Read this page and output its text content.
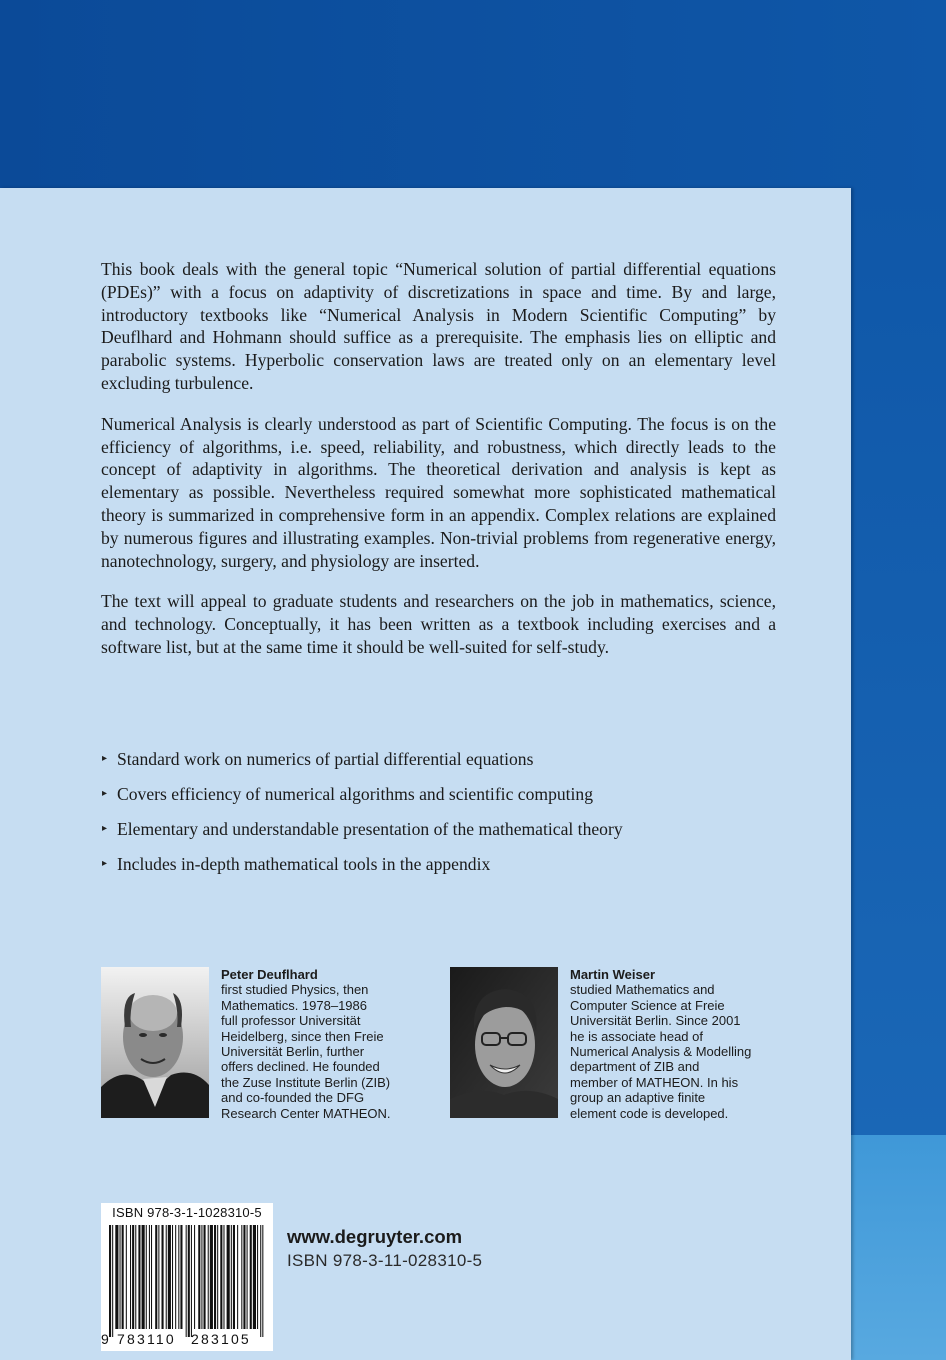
This book deals with the general topic “Numerical solution of partial differential equations (PDEs)” with a focus on adaptivity of discretizations in space and time. By and large, introductory textbooks like “Numerical Analysis in Modern Scientific Computing” by Deuflhard and Hohmann should suffice as a prerequisite. The emphasis lies on elliptic and parabolic systems. Hyperbolic conservation laws are treated only on an elementary level excluding turbulence.

Numerical Analysis is clearly understood as part of Scientific Computing. The focus is on the efficiency of algorithms, i.e. speed, reliability, and robustness, which directly leads to the concept of adaptivity in algorithms. The theoretical derivation and analysis is kept as elementary as possible. Nevertheless required somewhat more sophisticated mathematical theory is summarized in comprehensive form in an appendix. Complex relations are explained by numerous figures and illustrating examples. Non-trivial problems from regenerative energy, nanotechnology, surgery, and physiology are inserted.

The text will appeal to graduate students and researchers on the job in mathematics, science, and technology. Conceptually, it has been written as a textbook including exercises and a software list, but at the same time it should be well-suited for self-study.

▸ Standard work on numerics of partial differential equations
▸ Covers efficiency of numerical algorithms and scientific computing
▸ Elementary and understandable presentation of the mathematical theory
▸ Includes in-depth mathematical tools in the appendix
Peter Deuflhard
first studied Physics, then
Mathematics. 1978–1986
full professor Universität
Heidelberg, since then Freie
Universität Berlin, further
offers declined. He founded
the Zuse Institute Berlin (ZIB)
and co-founded the DFG
Research Center MATHEON.
Martin Weiser
studied Mathematics and
Computer Science at Freie
Universität Berlin. Since 2001
he is associate head of
Numerical Analysis & Modelling
department of ZIB and
member of MATHEON. In his
group an adaptive finite
element code is developed.
ISBN 978-3-1-1028310-5
9 783110 283105
www.degruyter.com
ISBN 978-3-11-028310-5
